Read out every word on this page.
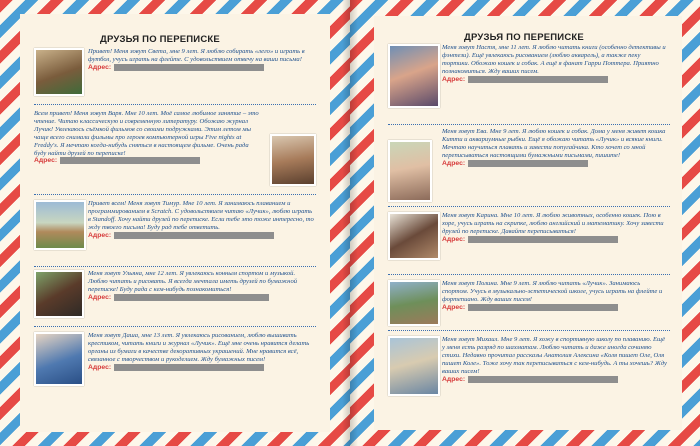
ДРУЗЬЯ ПО ПЕРЕПИСКЕ
Привет! Меня зовут Света, мне 9 лет. Я люблю собирать «лего» и играть в футбол, учусь играть на флейте. С удовольствием отвечу на ваши письма!
Адрес:
Всем привет! Меня зовут Варя. Мне 10 лет. Моё самое любимое занятие – это чтение. Читаю классическую и современную литературу. Обожаю журнал Лучик! Увлекаюсь съёмкой фильмов со своими подружками. Этим летом мы чаще всего снимали фильмы про героев компьютерной игры Five nights at Freddy's. Я мечтаю когда-нибудь сняться в настоящем фильме. Очень рада буду найти друзей по переписке!
Адрес:
Привет всем! Меня зовут Тимур. Мне 10 лет. Я занимаюсь плаванием и программированием в Scratch. С удовольствием читаю «Лучик», люблю играть в Standoff. Хочу найти друзей по переписке. Если тебе это тоже интересно, то жду твоего письма! Буду рад тебе ответить.
Адрес:
Меня зовут Ульяна, мне 12 лет. Я увлекаюсь конным спортом и музыкой. Люблю читать и рисовать. Я всегда мечтала иметь друзей по бумажной переписке! Буду рада с кем-нибудь познакомиться!
Адрес:
Меня зовут Даша, мне 13 лет. Я увлекаюсь рисованием, люблю вышивать крестиком, читать книги и журнал «Лучик». Ещё мне очень нравится делать органы из бумаги в качестве декоративных украшений. Мне нравится всё, связанное с творчеством и рукоделием. Жду бумажных писем!
Адрес:
ДРУЗЬЯ ПО ПЕРЕПИСКЕ
Меня зовут Настя, мне 11 лет. Я люблю читать книги (особенно детективы и фэнтези). Ещё увлекаюсь рисованием (люблю акварель), а также пеку тортики. Обожаю кошек и собак. А ещё я фанат Гарри Поттера. Приятно познакомиться. Жду ваших писем.
Адрес:
Меня зовут Ева. Мне 9 лет. Я люблю кошек и собак. Дома у меня живет кошка Китти и аквариумные рыбки. Ещё я обожаю читать «Лучик» и всякие книги. Мечтаю научиться плавать и завести попугайчика. Кто хочет со мной переписываться настоящими бумажными письмами, пишите!
Адрес:
Меня зовут Карина. Мне 10 лет. Я люблю животных, особенно кошек. Пою в хоре, учусь играть на скрипке, люблю английский и математику. Хочу завести друзей по переписке. Давайте переписываться!
Адрес:
Меня зовут Полина. Мне 9 лет. Я люблю читать «Лучик». Занимаюсь спортом. Учусь в музыкально-эстетической школе, учусь играть на флейте и фортепиано. Жду ваших писем!
Адрес:
Меня зовут Михаил. Мне 9 лет. Я хожу в спортивную школу по плаванию. Ещё у меня есть разряд по шахматам. Люблю читать и даже иногда сочиняю стихи. Недавно прочитал рассказы Анатолия Алексина «Коля пишет Оле, Оля пишет Коле». Тоже хочу так переписываться с кем-нибудь. А ты хочешь? Жду ваших писем!
Адрес:
